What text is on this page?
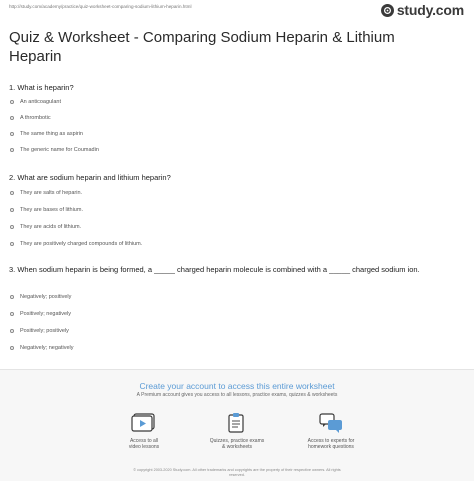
http://study.com/academy/practice/quiz-worksheet-comparing-sodium-lithium-heparin.html	study.com
Quiz & Worksheet - Comparing Sodium Heparin & Lithium Heparin

1. What is heparin?

An anticoagulant
A thrombotic
The same thing as aspirin
The generic name for Coumadin

2. What are sodium heparin and lithium heparin?

They are salts of heparin.
They are bases of lithium.
They are acids of lithium.
They are positively charged compounds of lithium.

3. When sodium heparin is being formed, a _____ charged heparin molecule is combined with a _____ charged sodium ion.

Negatively; positively
Positively; negatively
Positively; positively
Negatively; negatively
Create your account to access this entire worksheet
A Premium account gives you access to all lessons, practice exams, quizzes & worksheets
Access to all
video lessons
Quizzes, practice exams
& worksheets
Access to experts for
homework questions
© copyright 2003-2020 Study.com. All other trademarks and copyrights are the property of their respective owners. All rights
reserved.
